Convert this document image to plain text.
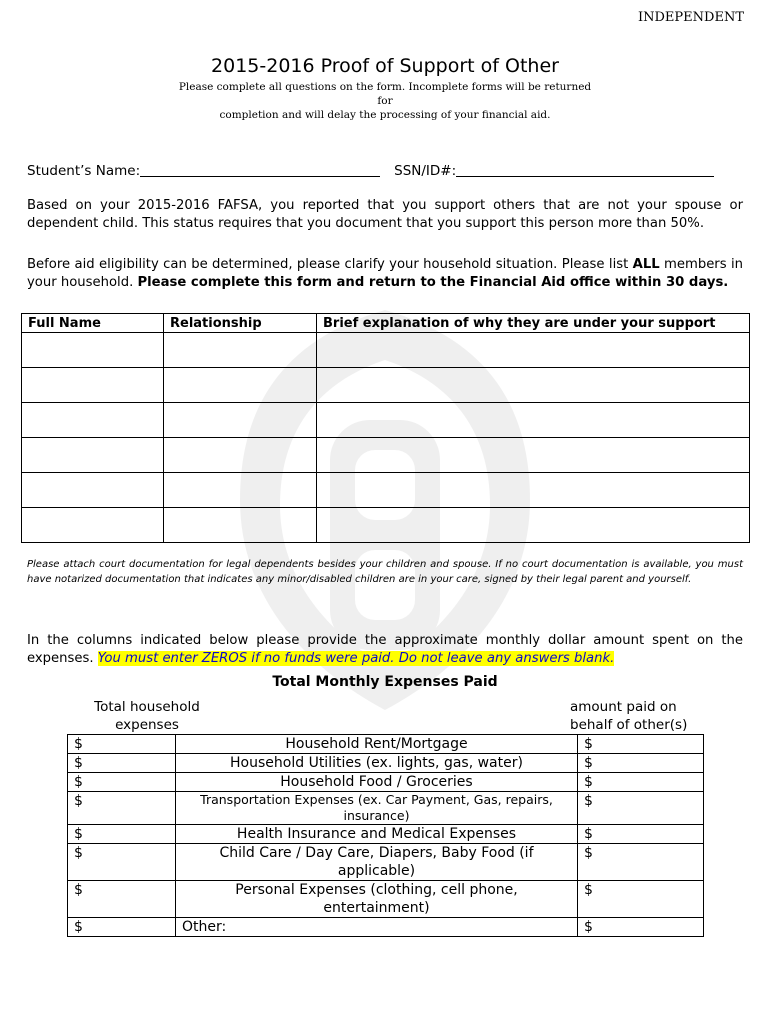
INDEPENDENT
2015-2016 Proof of Support of Other
Please complete all questions on the form. Incomplete forms will be returned for
completion and will delay the processing of your financial aid.
Student’s Name:	SSN/ID#:
Based on your 2015-2016 FAFSA, you reported that you support others that are not your spouse or dependent child. This status requires that you document that you support this person more than 50%.
Before aid eligibility can be determined, please clarify your household situation. Please list ALL members in your household. Please complete this form and return to the Financial Aid office within 30 days.
Full Name	Relationship	Brief explanation of why they are under your support

Please attach court documentation for legal dependents besides your children and spouse. If no court documentation is available, you must have notarized documentation that indicates any minor/disabled children are in your care, signed by their legal parent and yourself.
In the columns indicated below please provide the approximate monthly dollar amount spent on the expenses. You must enter ZEROS if no funds were paid. Do not leave any answers blank.
Total Monthly Expenses Paid
Total household
expenses
amount paid on
behalf of other(s)
$	Household Rent/Mortgage	$
$	Household Utilities (ex. lights, gas, water)	$
$	Household Food / Groceries	$
$	Transportation Expenses (ex. Car Payment, Gas, repairs, insurance)	$
$	Health Insurance and Medical Expenses	$
$	Child Care / Day Care, Diapers, Baby Food (if applicable)	$
$	Personal Expenses (clothing, cell phone, entertainment)	$
$	Other:	$
